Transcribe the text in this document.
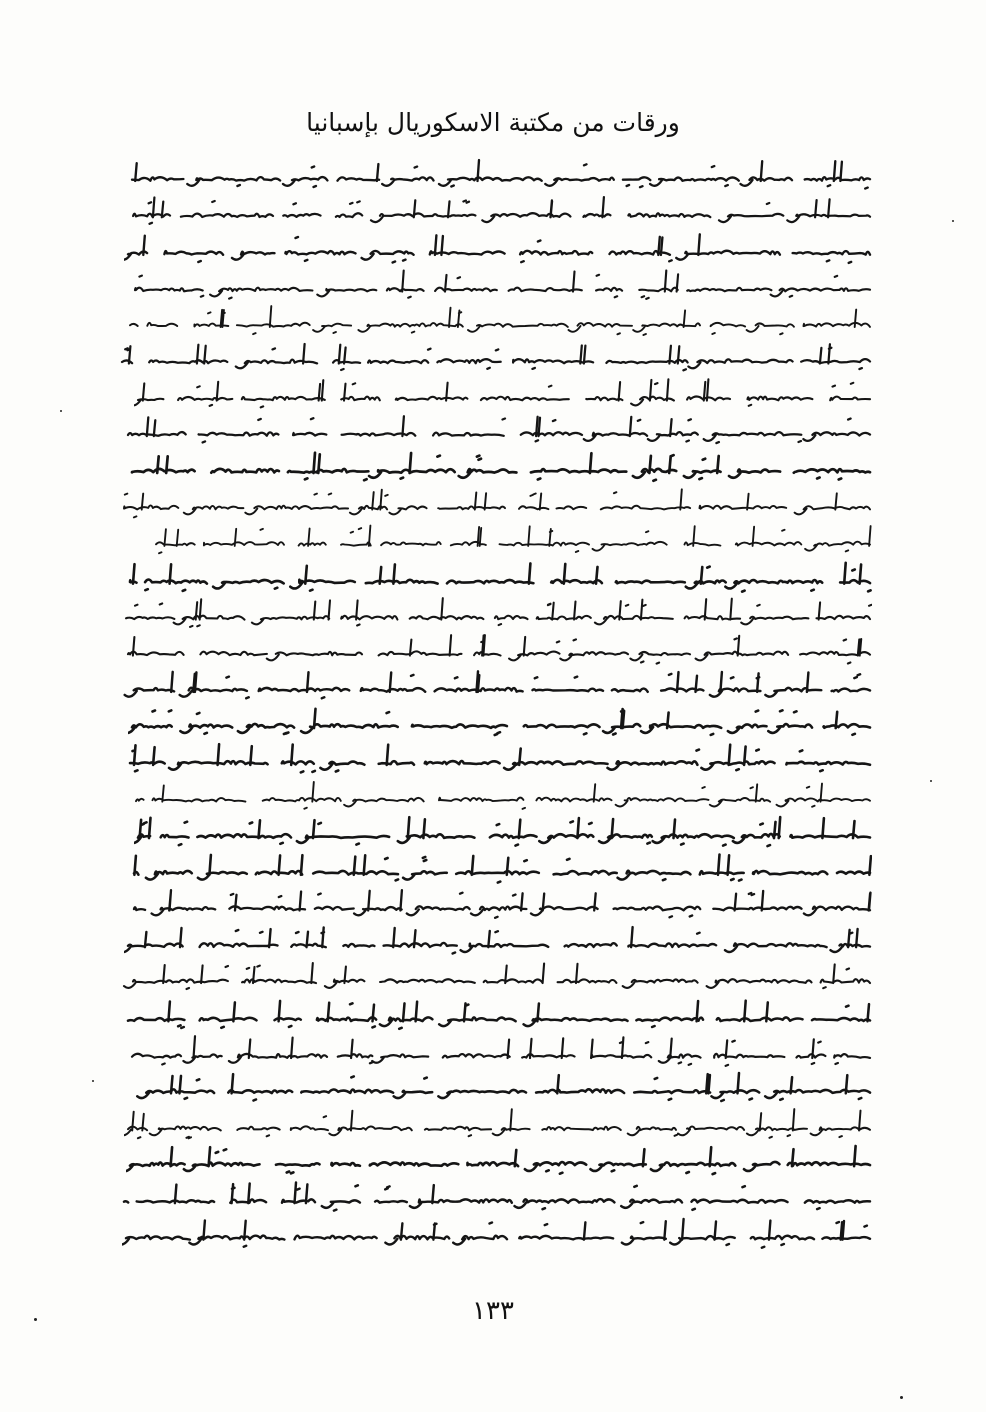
ورقات من مكتبة الاسكوريال بإسبانيا
١٣٣
